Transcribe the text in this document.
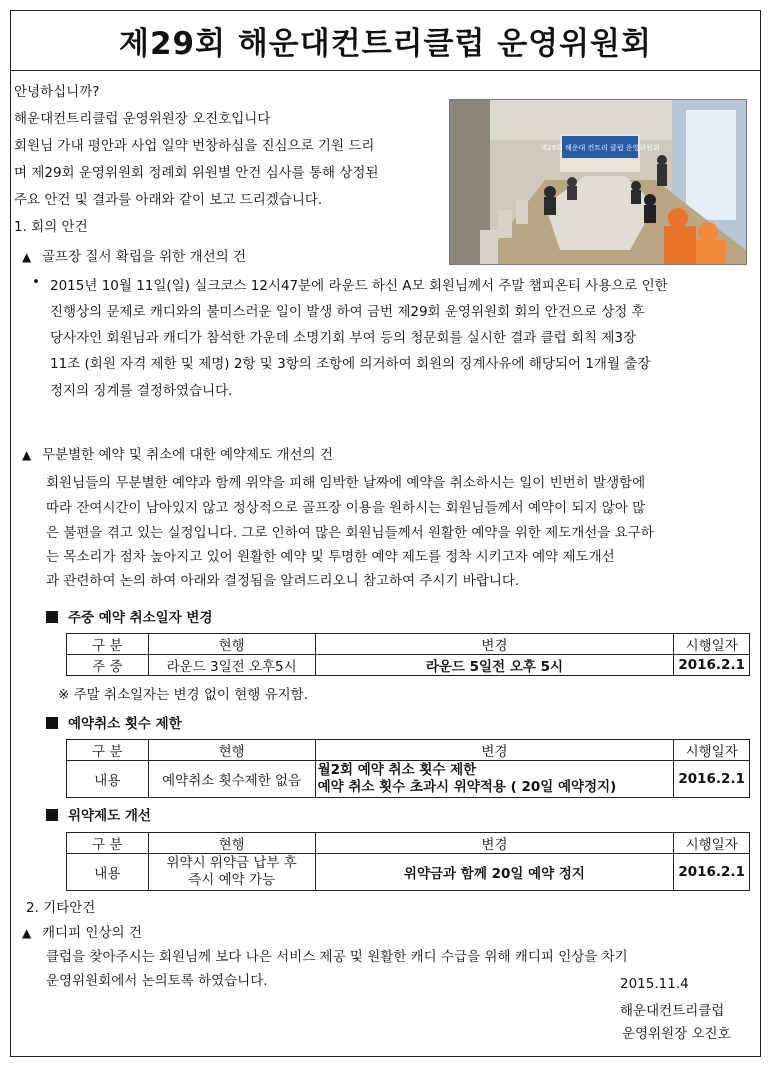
제29회 해운대컨트리클럽 운영위원회
안녕하십니까?
해운대컨트리클럽 운영위원장 오진호입니다
회원님 가내 평안과 사업 일약 번창하심을 진심으로 기원 드리
며 제29회 운영위원회 정례회 위원별 안건 심사를 통해 상정된
주요 안건 및 결과를 아래와 같이 보고 드리겠습니다.
제29회 해운대 컨트리 클럽 운영위원회
1. 회의 안건
▲ 골프장 질서 확립을 위한 개선의 건
• 2015년 10월 11일(일) 실크코스 12시47분에 라운드 하신 A모 회원님께서 주말 챔피온티 사용으로 인한
진행상의 문제로 캐디와의 불미스러운 일이 발생 하여 금번 제29회 운영위원회 회의 안건으로 상정 후
당사자인 회원님과 캐디가 참석한 가운데 소명기회 부여 등의 청문회를 실시한 결과 클럽 회칙 제3장
11조 (회원 자격 제한 및 제명) 2항 및 3항의 조항에 의거하여 회원의 징계사유에 해당되어 1개월 출장
정지의 징계를 결정하였습니다.
▲ 무분별한 예약 및 취소에 대한 예약제도 개선의 건
회원님들의 무분별한 예약과 함께 위약을 피해 임박한 날짜에 예약을 취소하시는 일이 빈번히 발생함에
따라 잔여시간이 남아있지 않고 정상적으로 골프장 이용을 원하시는 회원님들께서 예약이 되지 않아 많
은 불편을 겪고 있는 실정입니다. 그로 인하여 많은 회원님들께서 원활한 예약을 위한 제도개선을 요구하
는 목소리가 점차 높아지고 있어 원활한 예약 및 투명한 예약 제도를 정착 시키고자 예약 제도개선
과 관련하여 논의 하여 아래와 결정됨을 알려드리오니 참고하여 주시기 바랍니다.
주중 예약 취소일자 변경
구 분	현행	변경	시행일자
주 중	라운드 3일전 오후5시	라운드 5일전 오후 5시	2016.2.1
※ 주말 취소일자는 변경 없이 현행 유지함.
예약취소 횟수 제한
구 분	현행	변경	시행일자
내용	예약취소 횟수제한 없음	월2회 예약 취소 횟수 제한
예약 취소 횟수 초과시 위약적용 ( 20일 예약정지)	2016.2.1
위약제도 개선
구 분	현행	변경	시행일자
내용	위약시 위약금 납부 후
즉시 예약 가능	위약금과 함께 20일 예약 정지	2016.2.1
2. 기타안건
▲ 캐디피 인상의 건
클럽을 찾아주시는 회원님께 보다 나은 서비스 제공 및 원활한 캐디 수급을 위해 캐디피 인상을 차기
운영위원회에서 논의토록 하였습니다.	2015.11.4
해운대컨트리클럽
운영위원장 오진호
